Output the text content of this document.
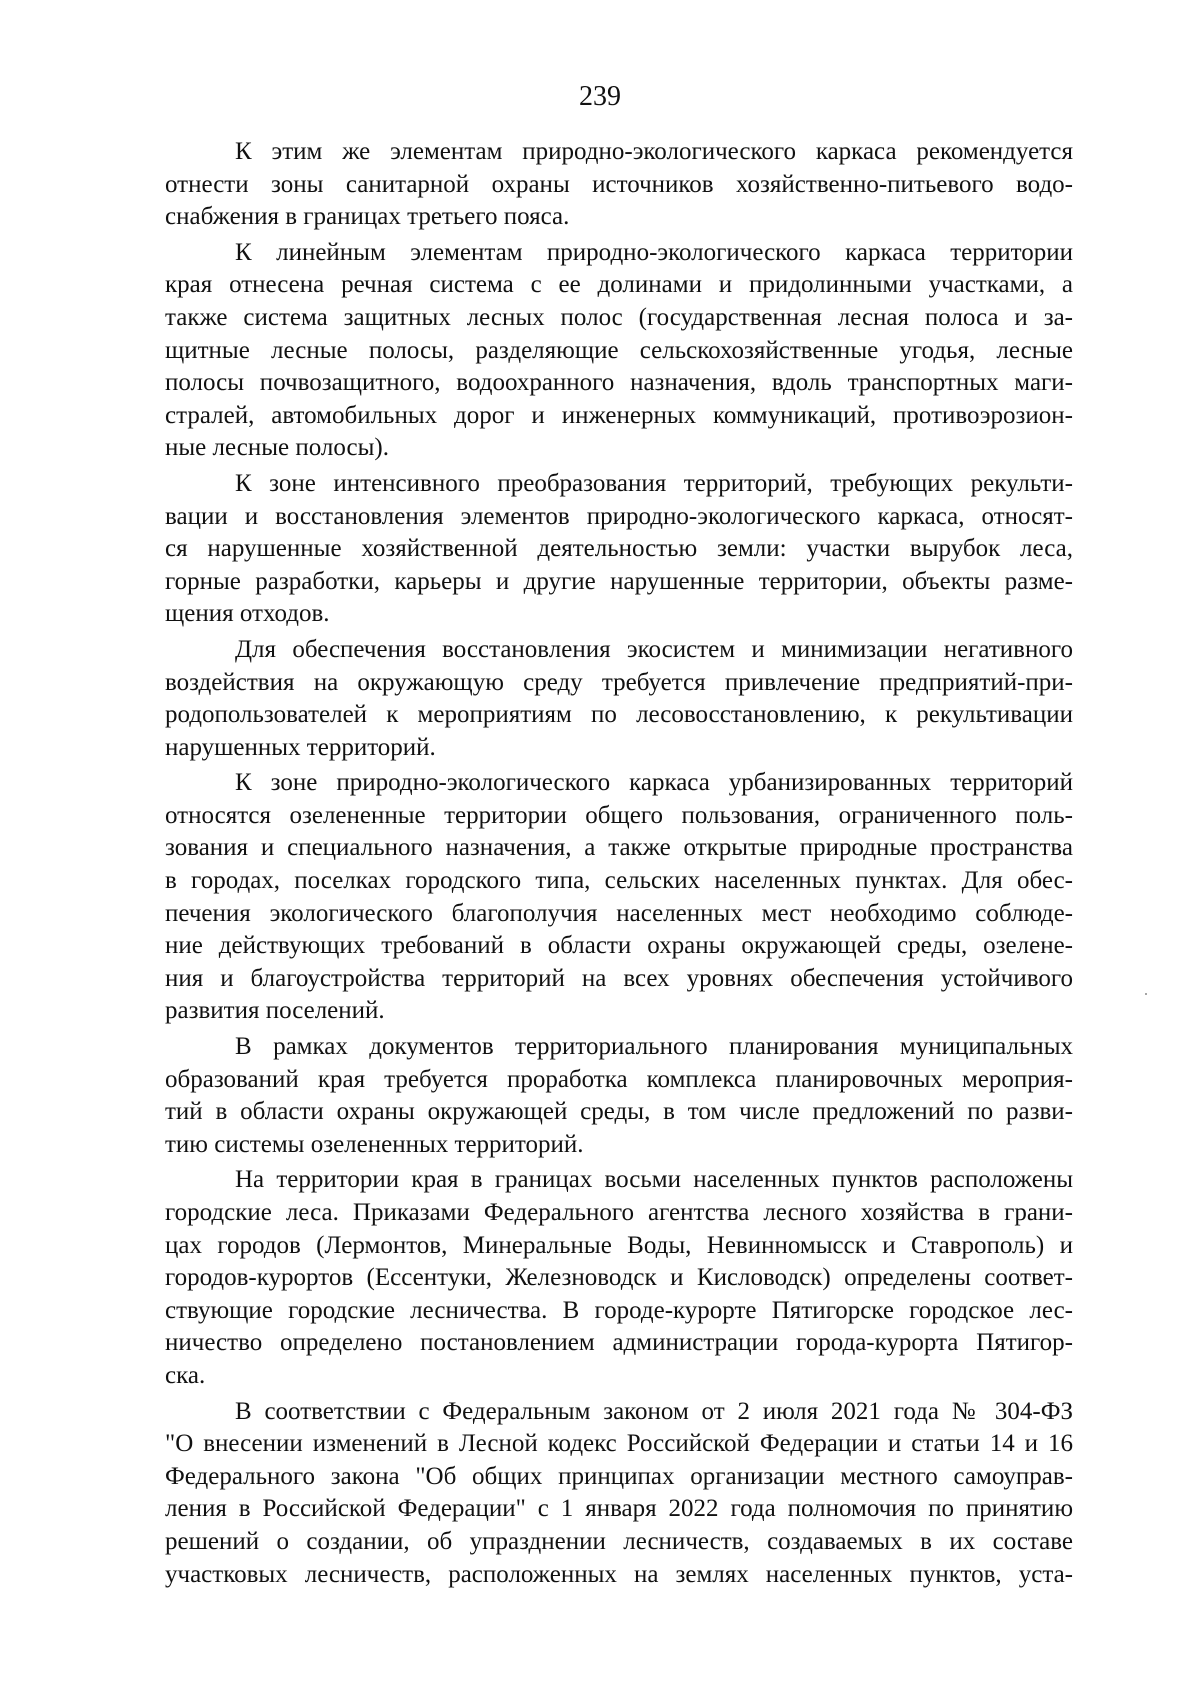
239

К этим же элементам природно-экологического каркаса рекомендуется
отнести зоны санитарной охраны источников хозяйственно-питьевого водо-
снабжения в границах третьего пояса.

К линейным элементам природно-экологического каркаса территории
края отнесена речная система с ее долинами и придолинными участками, а
также система защитных лесных полос (государственная лесная полоса и за-
щитные лесные полосы, разделяющие сельскохозяйственные угодья, лесные
полосы почвозащитного, водоохранного назначения, вдоль транспортных маги-
стралей, автомобильных дорог и инженерных коммуникаций, противоэрозион-
ные лесные полосы).

К зоне интенсивного преобразования территорий, требующих рекульти-
вации и восстановления элементов природно-экологического каркаса, относят-
ся нарушенные хозяйственной деятельностью земли: участки вырубок леса,
горные разработки, карьеры и другие нарушенные территории, объекты разме-
щения отходов.

Для обеспечения восстановления экосистем и минимизации негативного
воздействия на окружающую среду требуется привлечение предприятий-при-
родопользователей к мероприятиям по лесовосстановлению, к рекультивации
нарушенных территорий.

К зоне природно-экологического каркаса урбанизированных территорий
относятся озелененные территории общего пользования, ограниченного поль-
зования и специального назначения, а также открытые природные пространства
в городах, поселках городского типа, сельских населенных пунктах. Для обес-
печения экологического благополучия населенных мест необходимо соблюде-
ние действующих требований в области охраны окружающей среды, озелене-
ния и благоустройства территорий на всех уровнях обеспечения устойчивого
развития поселений.

В рамках документов территориального планирования муниципальных
образований края требуется проработка комплекса планировочных мероприя-
тий в области охраны окружающей среды, в том числе предложений по разви-
тию системы озелененных территорий.

На территории края в границах восьми населенных пунктов расположены
городские леса. Приказами Федерального агентства лесного хозяйства в грани-
цах городов (Лермонтов, Минеральные Воды, Невинномысск и Ставрополь) и
городов-курортов (Ессентуки, Железноводск и Кисловодск) определены соответ-
ствующие городские лесничества. В городе-курорте Пятигорске городское лес-
ничество определено постановлением администрации города-курорта Пятигор-
ска.

В соответствии с Федеральным законом от 2 июля 2021 года № 304-ФЗ
"О внесении изменений в Лесной кодекс Российской Федерации и статьи 14 и 16
Федерального закона "Об общих принципах организации местного самоуправ-
ления в Российской Федерации" с 1 января 2022 года полномочия по принятию
решений о создании, об упразднении лесничеств, создаваемых в их составе
участковых лесничеств, расположенных на землях населенных пунктов, уста-
